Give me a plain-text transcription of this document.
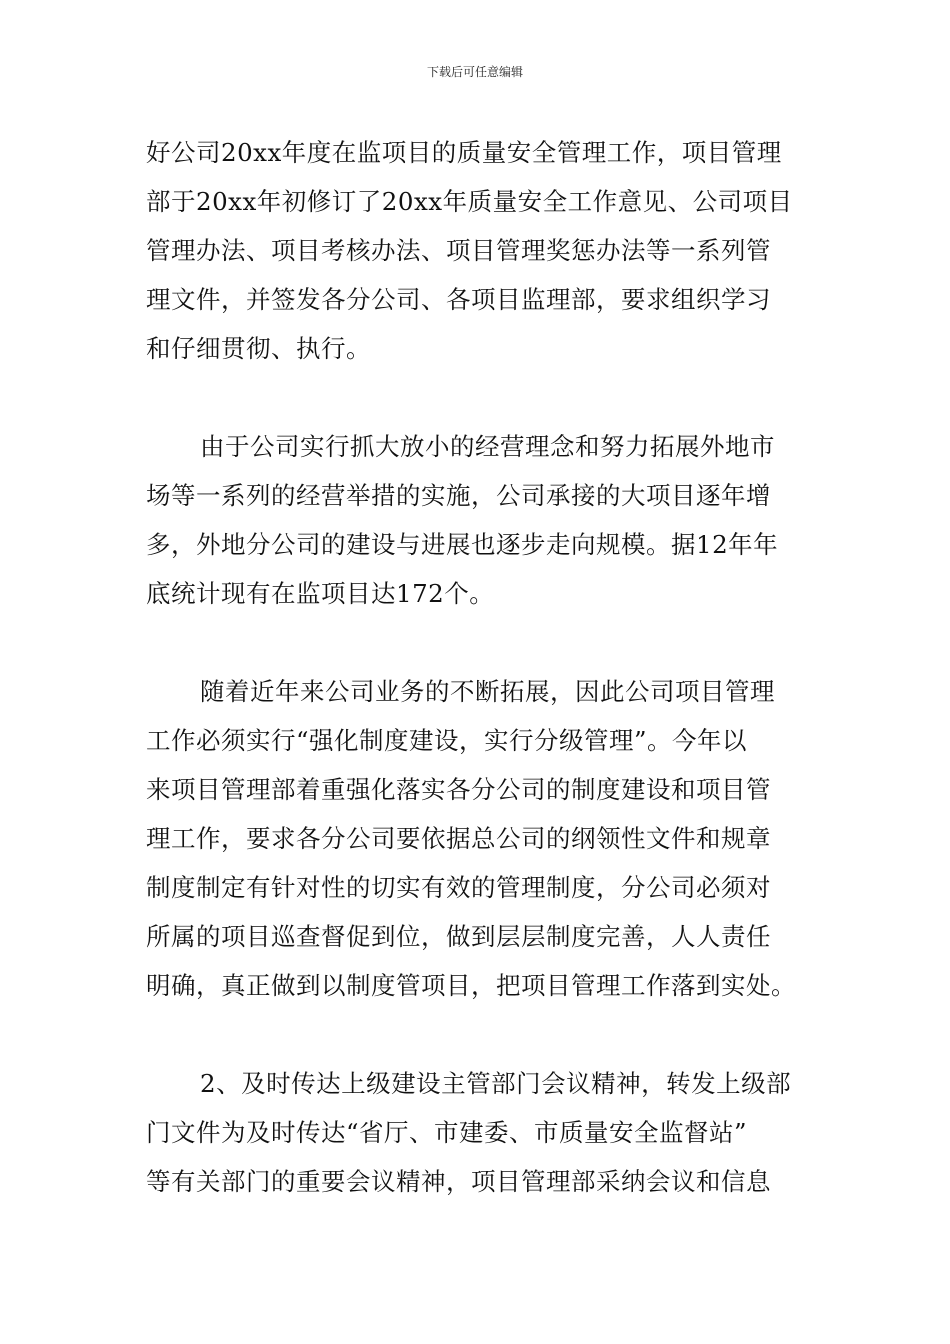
下载后可任意编辑
好公司20xx年度在监项目的质量安全管理工作，项目管理
部于20xx年初修订了20xx年质量安全工作意见、公司项目
管理办法、项目考核办法、项目管理奖惩办法等一系列管
理文件，并签发各分公司、各项目监理部，要求组织学习
和仔细贯彻、执行。
由于公司实行抓大放小的经营理念和努力拓展外地市
场等一系列的经营举措的实施，公司承接的大项目逐年增
多，外地分公司的建设与进展也逐步走向规模。据12年年
底统计现有在监项目达172个。
随着近年来公司业务的不断拓展，因此公司项目管理
工作必须实行“强化制度建设，实行分级管理”。今年以
来项目管理部着重强化落实各分公司的制度建设和项目管
理工作，要求各分公司要依据总公司的纲领性文件和规章
制度制定有针对性的切实有效的管理制度，分公司必须对
所属的项目巡查督促到位，做到层层制度完善，人人责任
明确，真正做到以制度管项目，把项目管理工作落到实处。
2、及时传达上级建设主管部门会议精神，转发上级部
门文件为及时传达“省厅、市建委、市质量安全监督站”
等有关部门的重要会议精神，项目管理部采纳会议和信息
